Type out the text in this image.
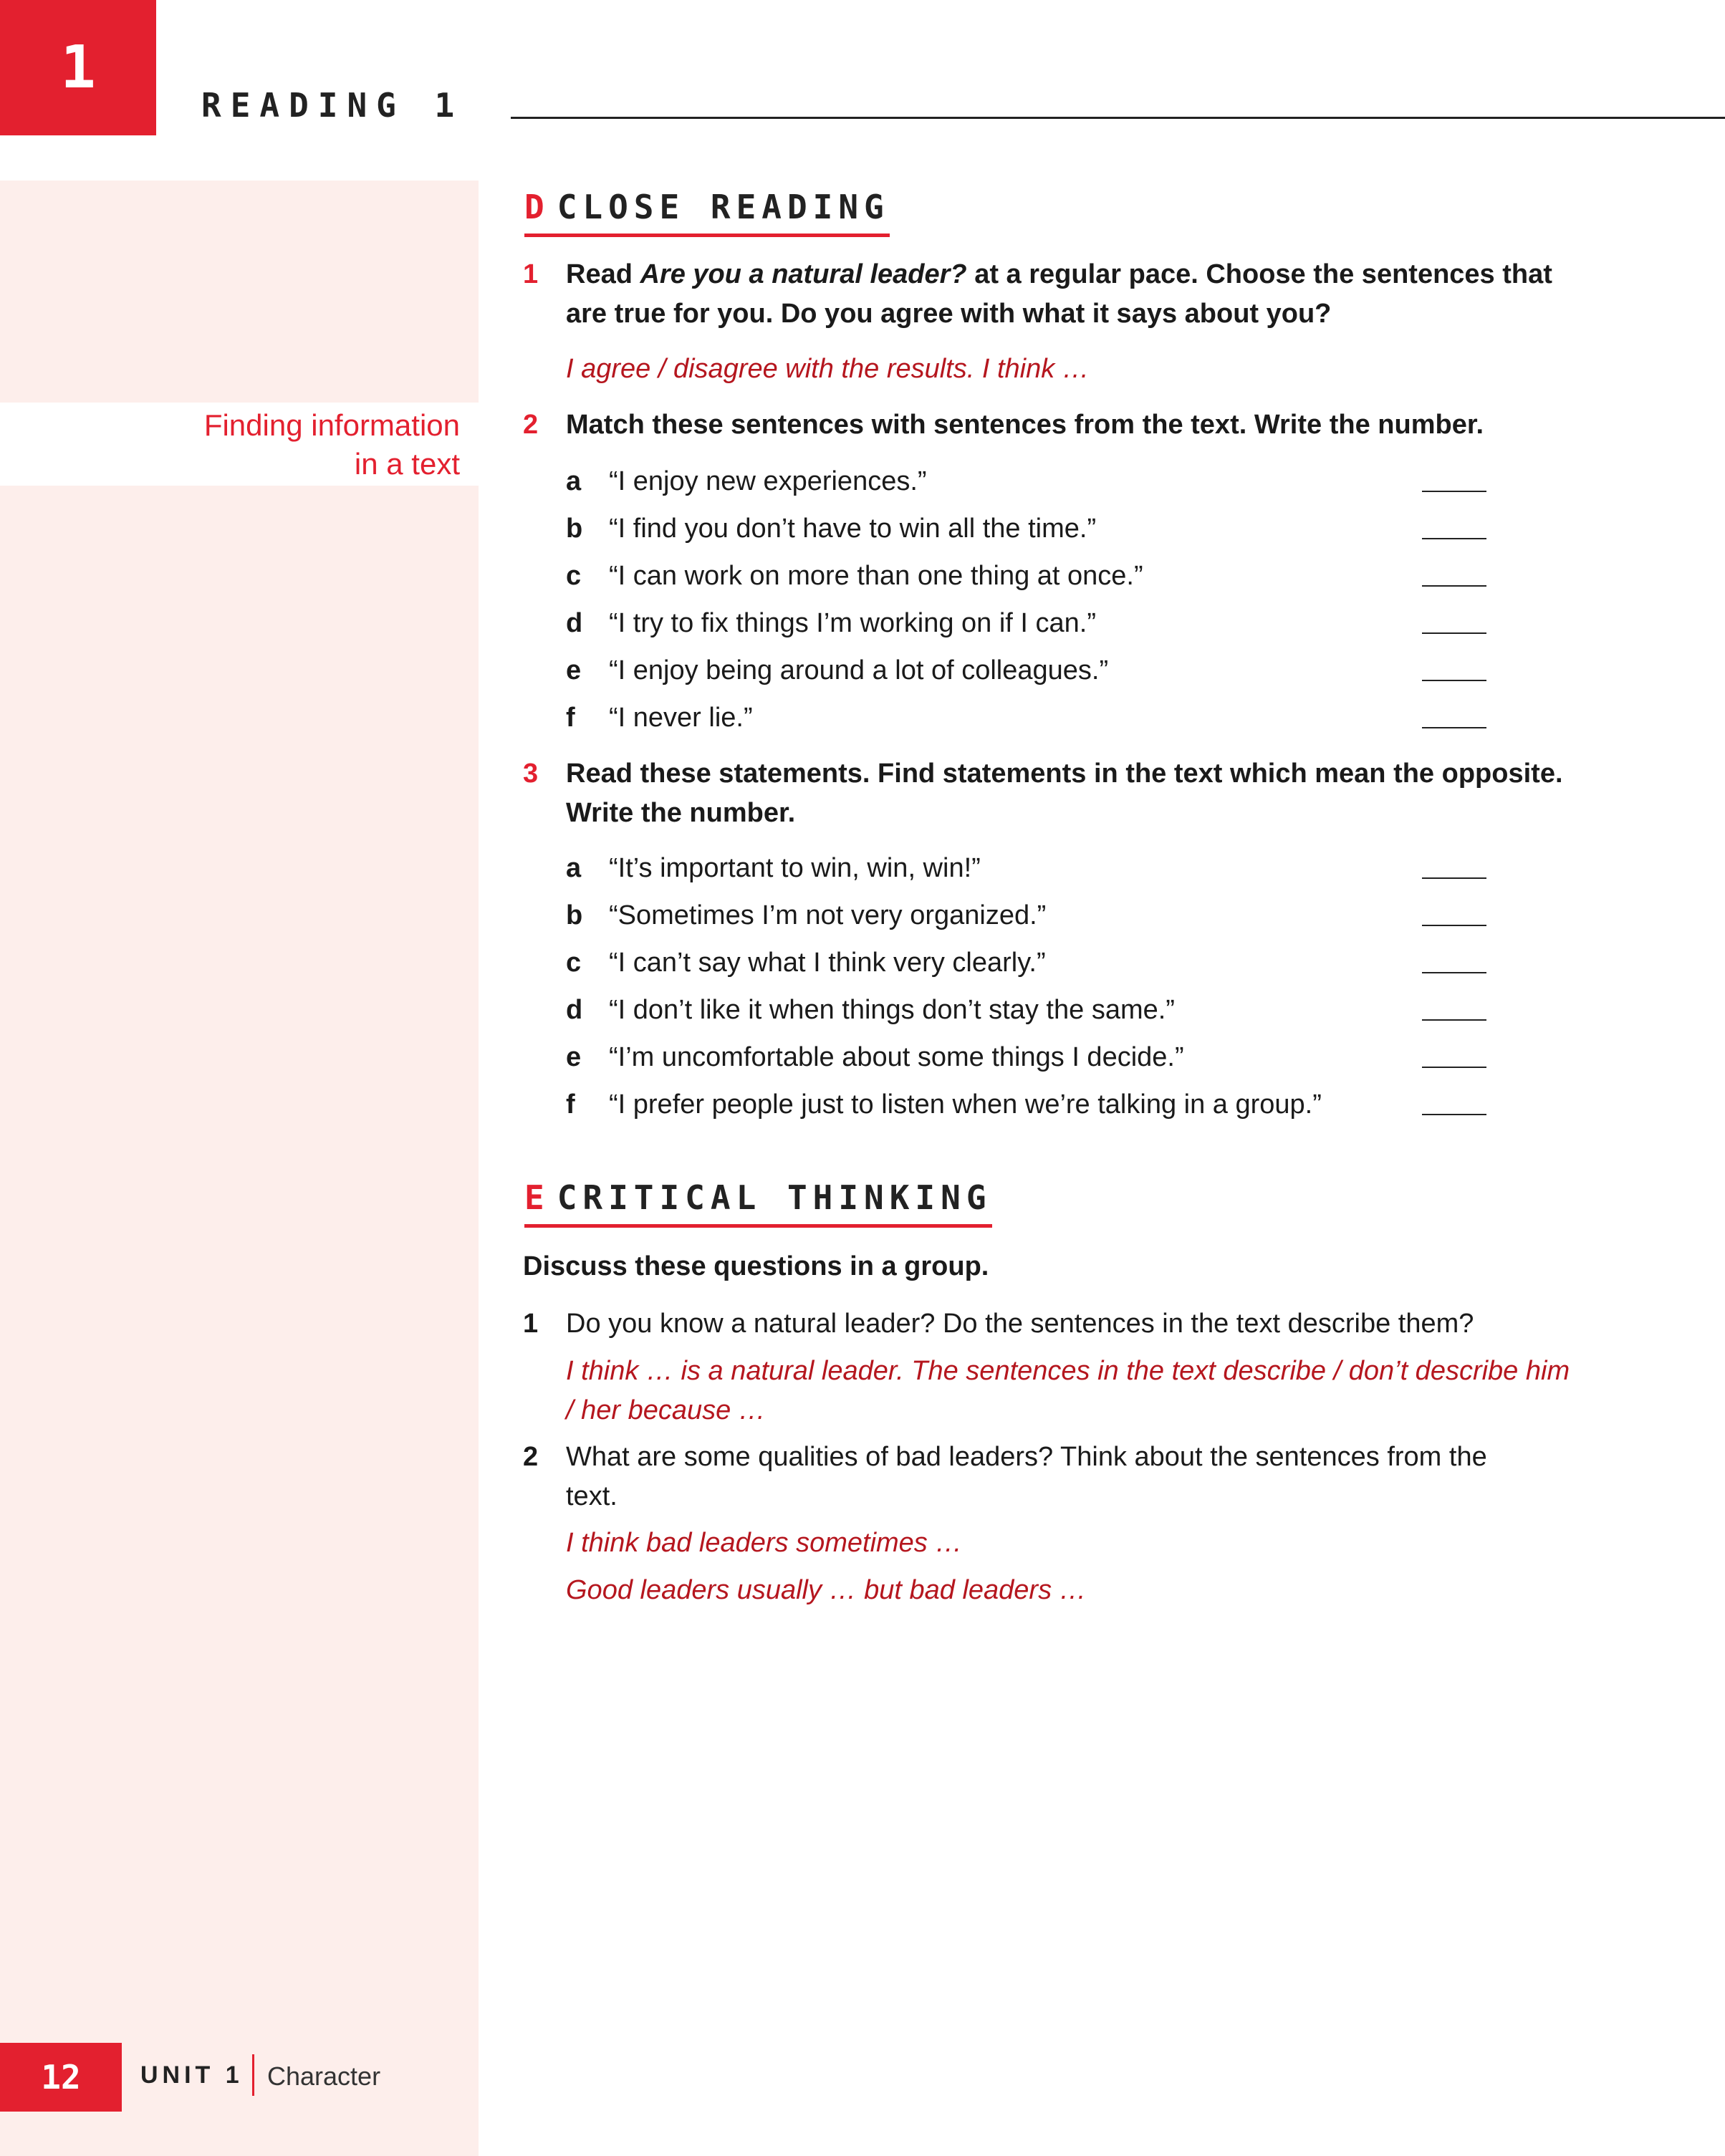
1
READING 1
Finding information
in a text
12	UNIT 1 Character
D CLOSE READING
1 Read Are you a natural leader? at a regular pace. Choose the sentences that are true for you. Do you agree with what it says about you?
I agree / disagree with the results. I think …
2 Match these sentences with sentences from the text. Write the number.
a “I enjoy new experiences.”
b “I find you don’t have to win all the time.”
c “I can work on more than one thing at once.”
d “I try to fix things I’m working on if I can.”
e “I enjoy being around a lot of colleagues.”
f “I never lie.”
3 Read these statements. Find statements in the text which mean the opposite. Write the number.
a “It’s important to win, win, win!”
b “Sometimes I’m not very organized.”
c “I can’t say what I think very clearly.”
d “I don’t like it when things don’t stay the same.”
e “I’m uncomfortable about some things I decide.”
f “I prefer people just to listen when we’re talking in a group.”
E CRITICAL THINKING
Discuss these questions in a group.
1 Do you know a natural leader? Do the sentences in the text describe them?
I think … is a natural leader. The sentences in the text describe / don’t describe him / her because …
2 What are some qualities of bad leaders? Think about the sentences from the text.
I think bad leaders sometimes …
Good leaders usually … but bad leaders …
